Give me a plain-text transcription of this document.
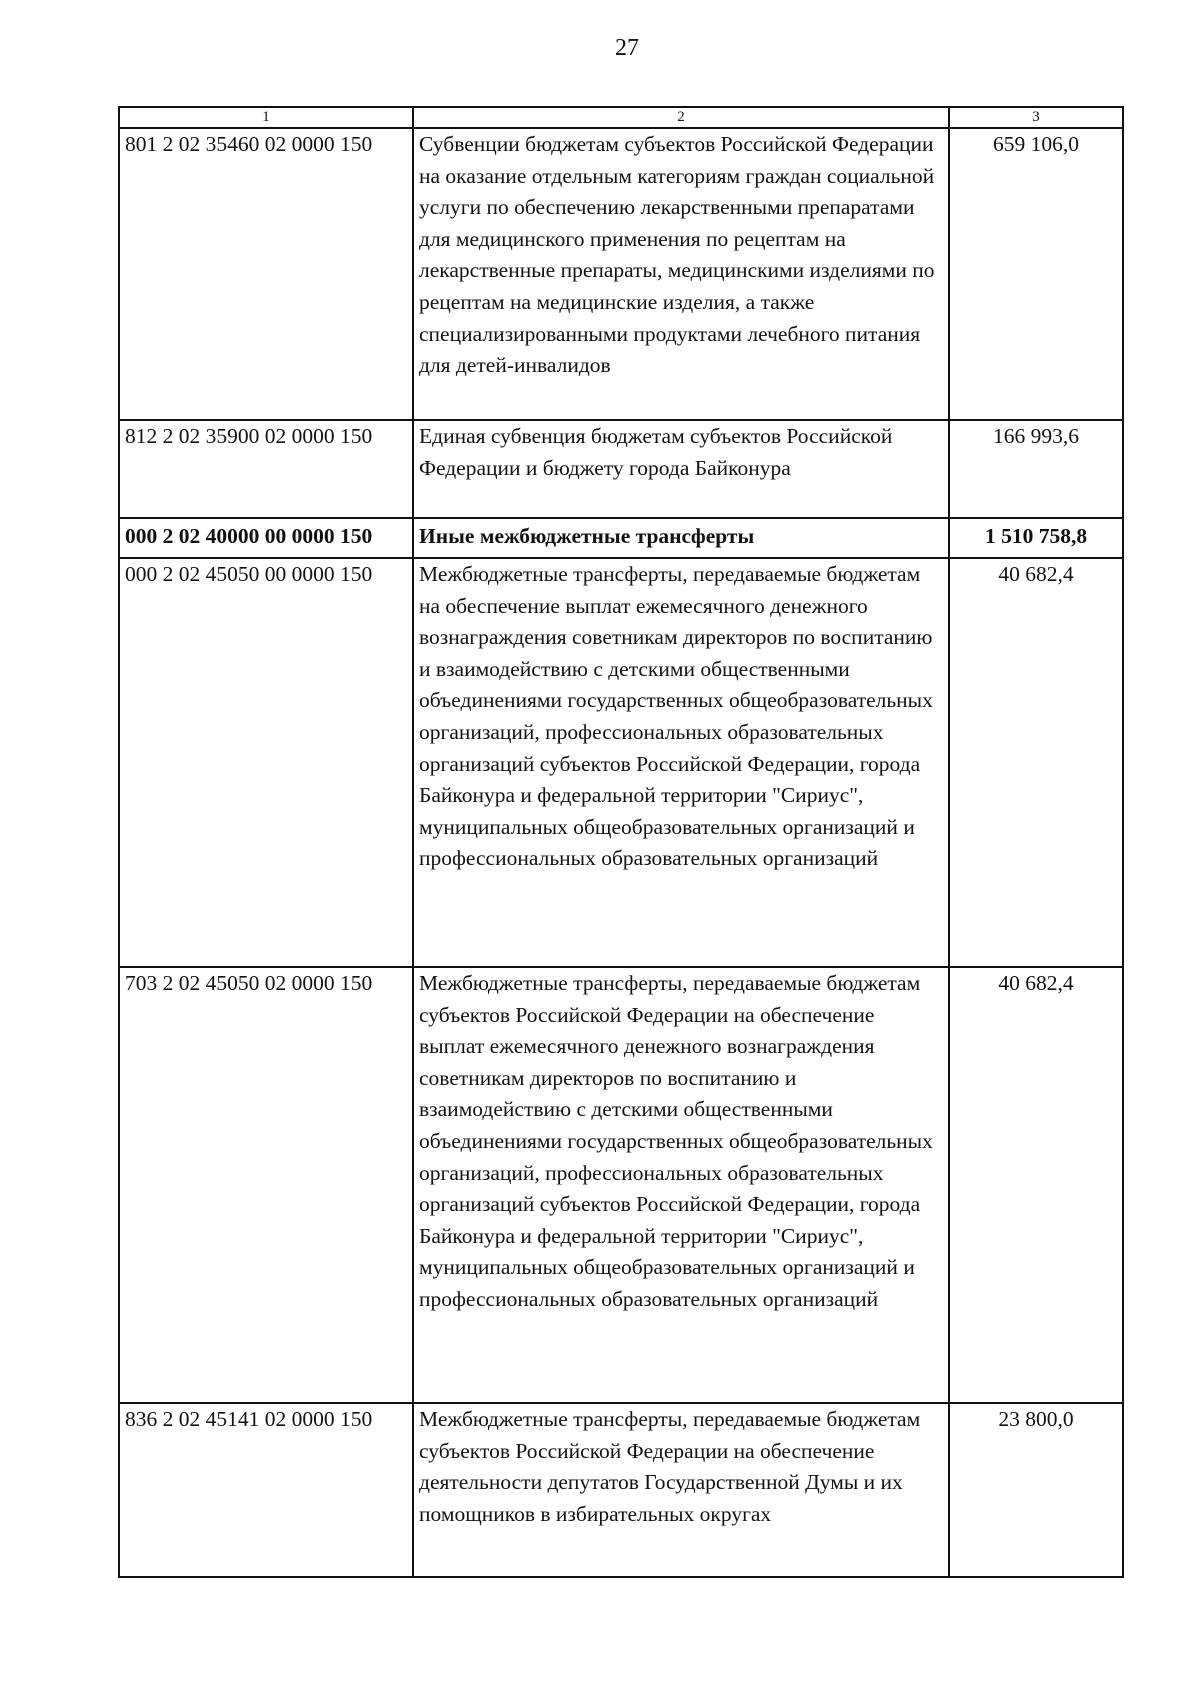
27
1	2	3
801 2 02 35460 02 0000 150	Субвенции бюджетам субъектов Российской Федерации на оказание отдельным категориям граждан социальной услуги по обеспечению лекарственными препаратами для медицинского применения по рецептам на лекарственные препараты, медицинскими изделиями по рецептам на медицинские изделия, а также специализированными продуктами лечебного питания для детей-инвалидов	659 106,0
812 2 02 35900 02 0000 150	Единая субвенция бюджетам субъектов Российской Федерации и бюджету города Байконура	166 993,6
000 2 02 40000 00 0000 150	Иные межбюджетные трансферты	1 510 758,8
000 2 02 45050 00 0000 150	Межбюджетные трансферты, передаваемые бюджетам на обеспечение выплат ежемесячного денежного вознаграждения советникам директоров по воспитанию и взаимодействию с детскими общественными объединениями государственных общеобразовательных организаций, профессиональных образовательных организаций субъектов Российской Федерации, города Байконура и федеральной территории "Сириус", муниципальных общеобразовательных организаций и профессиональных образовательных организаций	40 682,4
703 2 02 45050 02 0000 150	Межбюджетные трансферты, передаваемые бюджетам субъектов Российской Федерации на обеспечение выплат ежемесячного денежного вознаграждения советникам директоров по воспитанию и взаимодействию с детскими общественными объединениями государственных общеобразовательных организаций, профессиональных образовательных организаций субъектов Российской Федерации, города Байконура и федеральной территории "Сириус", муниципальных общеобразовательных организаций и профессиональных образовательных организаций	40 682,4
836 2 02 45141 02 0000 150	Межбюджетные трансферты, передаваемые бюджетам субъектов Российской Федерации на обеспечение деятельности депутатов Государственной Думы и их помощников в избирательных округах	23 800,0
